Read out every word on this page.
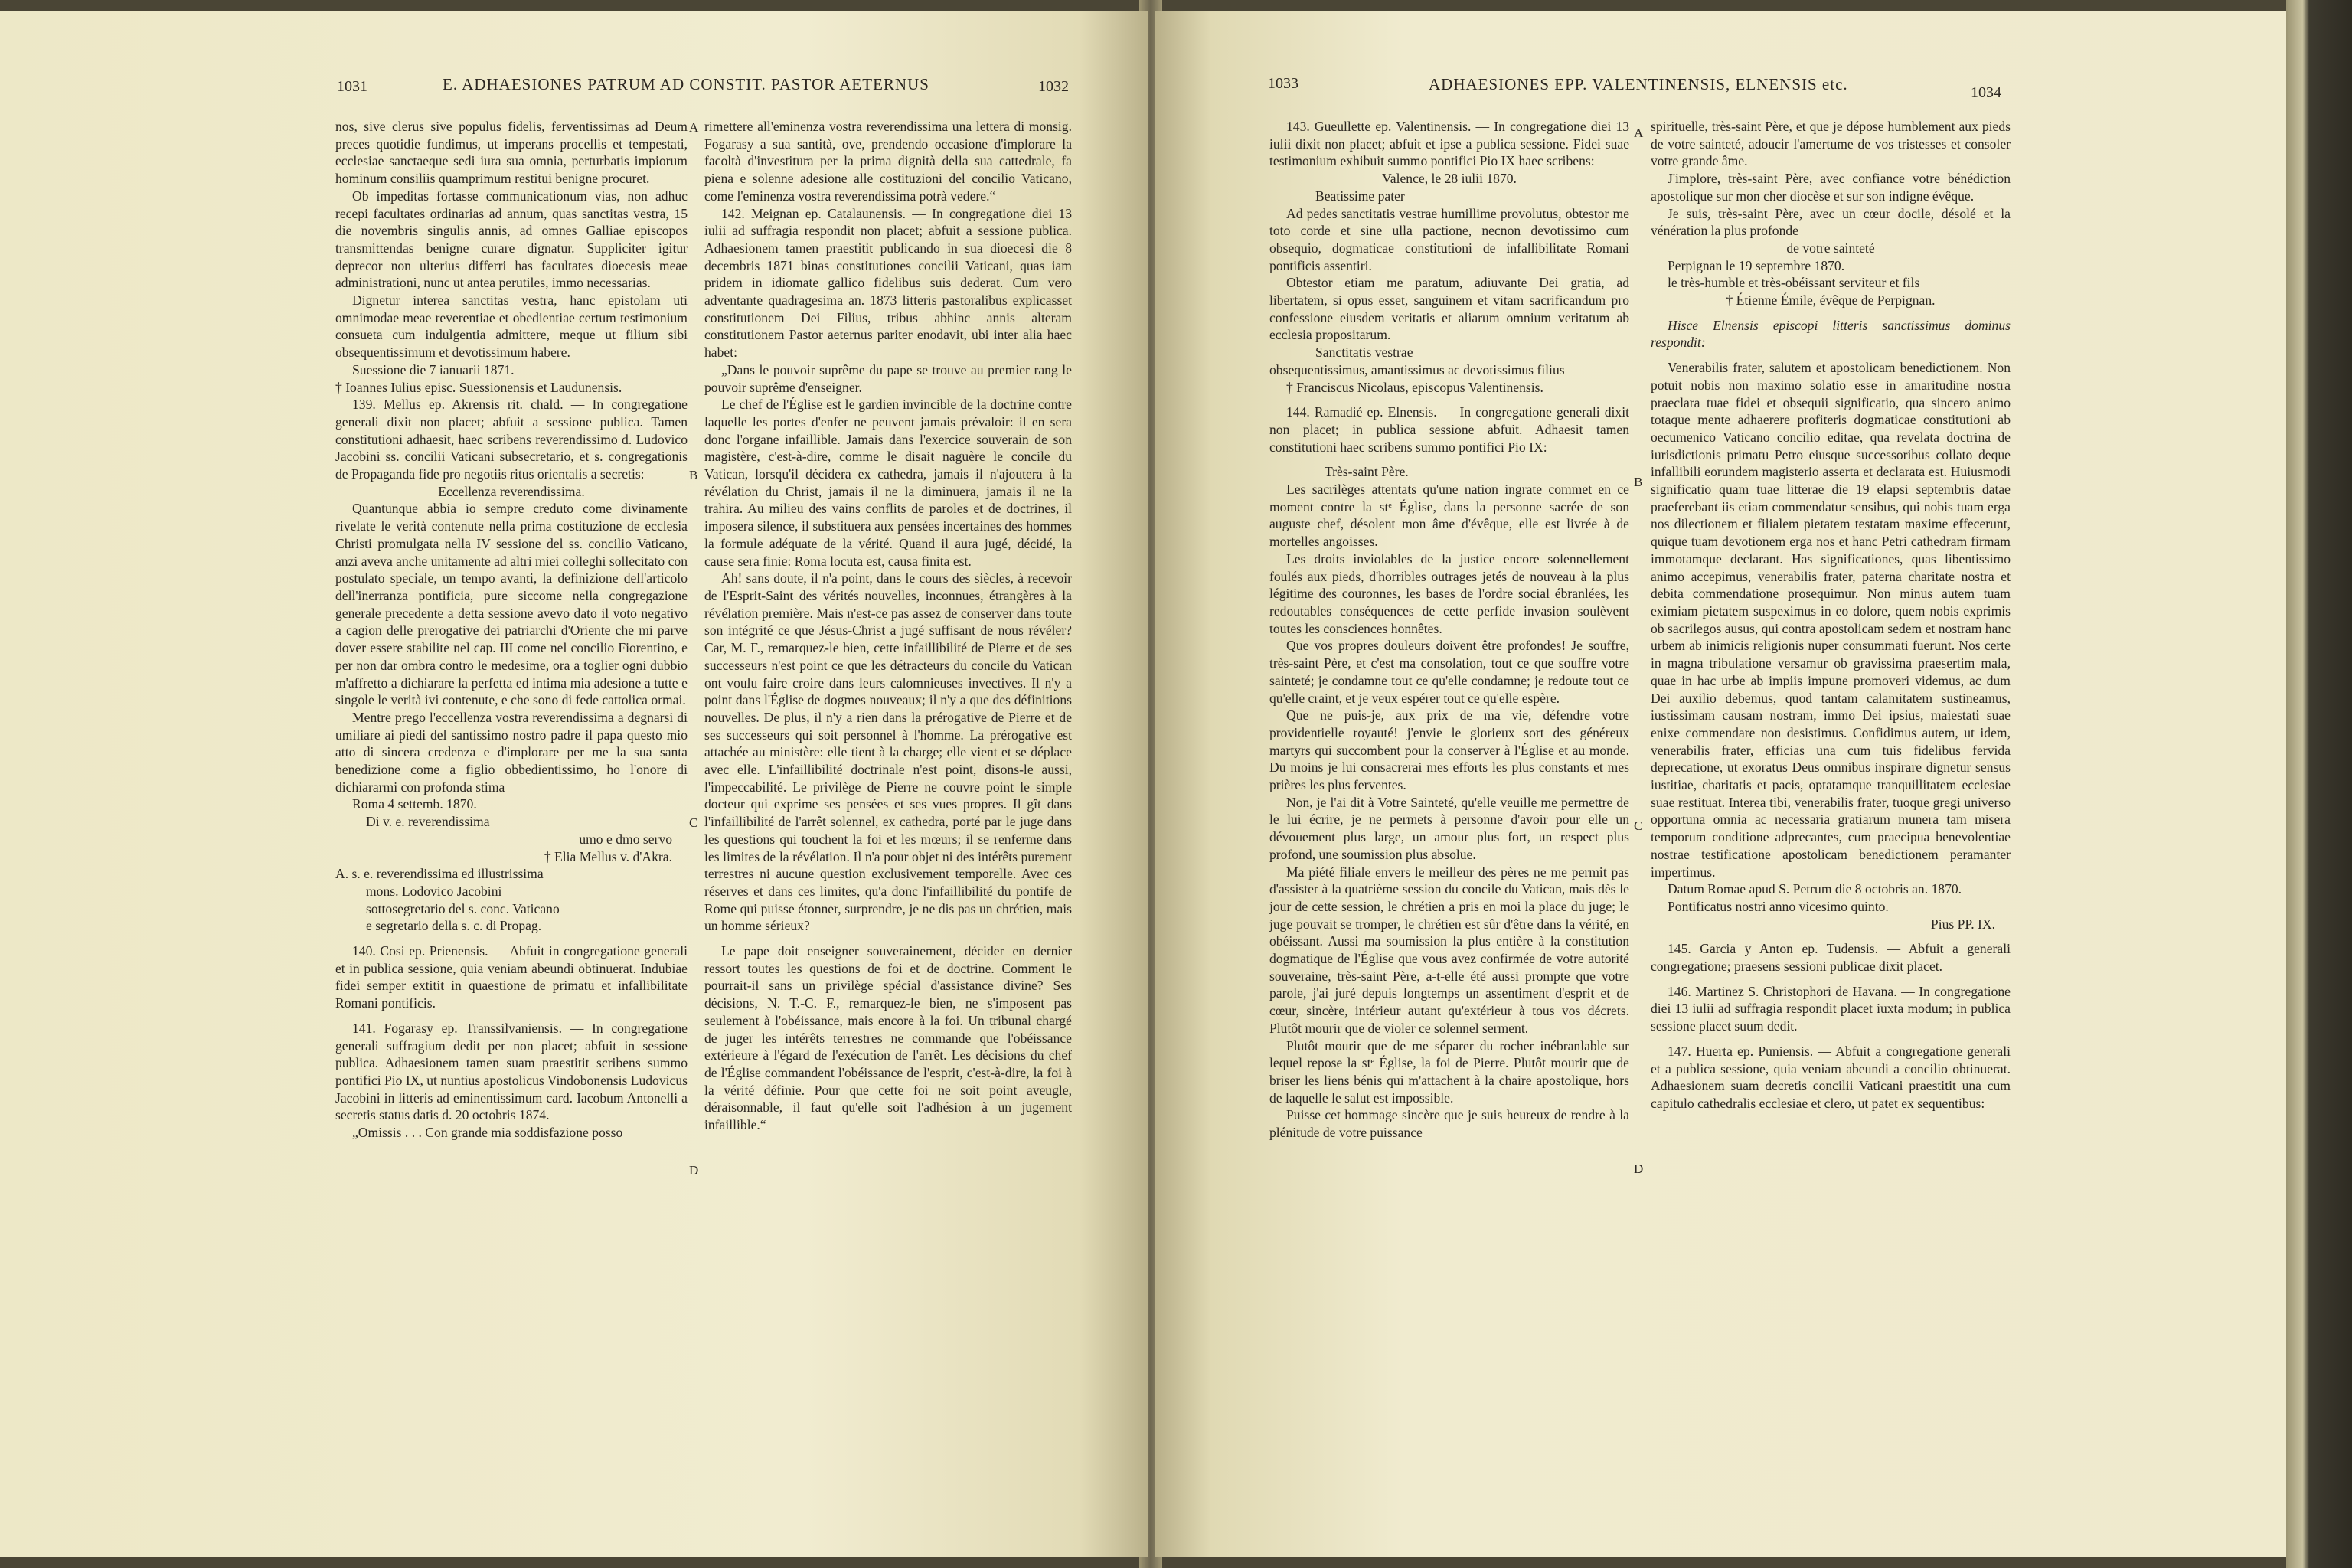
1031	E. ADHAESIONES PATRUM AD CONSTIT. PASTOR AETERNUS	1032

nos, sive clerus sive populus fidelis, ferventissimas ad Deum preces quotidie fundimus, ut imperans procellis et tempestati, ecclesiae sanctaeque sedi iura sua omnia, perturbatis impiorum hominum consiliis quamprimum restitui benigne procuret.

Ob impeditas fortasse communicationum vias, non adhuc recepi facultates ordinarias ad annum, quas sanctitas vestra, 15 die novembris singulis annis, ad omnes Galliae episcopos transmittendas benigne curare dignatur. Suppliciter igitur deprecor non ulterius differri has facultates dioecesis meae administrationi, nunc ut antea perutiles, immo necessarias.

Dignetur interea sanctitas vestra, hanc epistolam uti omnimodae meae reverentiae et obedientiae certum testimonium consueta cum indulgentia admittere, meque ut filium sibi obsequentissimum et devotissimum habere.

Suessione die 7 ianuarii 1871.

† Ioannes Iulius episc. Suessionensis et Laudunensis.

139. Mellus ep. Akrensis rit. chald. — In congregatione generali dixit non placet; abfuit a sessione publica. Tamen constitutioni adhaesit, haec scribens reverendissimo d. Ludovico Jacobini ss. concilii Vaticani subsecretario, et s. congregationis de Propaganda fide pro negotiis ritus orientalis a secretis:

Eccellenza reverendissima.

Quantunque abbia io sempre creduto come divinamente rivelate le verità contenute nella prima costituzione de ecclesia Christi promulgata nella IV sessione del ss. concilio Vaticano, anzi aveva anche unitamente ad altri miei colleghi sollecitato con postulato speciale, un tempo avanti, la definizione dell'articolo dell'inerranza pontificia, pure siccome nella congregazione generale precedente a detta sessione avevo dato il voto negativo a cagion delle prerogative dei patriarchi d'Oriente che mi parve dover essere stabilite nel cap. III come nel concilio Fiorentino, e per non dar ombra contro le medesime, ora a toglier ogni dubbio m'affretto a dichiarare la perfetta ed intima mia adesione a tutte e singole le verità ivi contenute, e che sono di fede cattolica ormai.

Mentre prego l'eccellenza vostra reverendissima a degnarsi di umiliare ai piedi del santissimo nostro padre il papa questo mio atto di sincera credenza e d'implorare per me la sua santa benedizione come a figlio obbedientissimo, ho l'onore di dichiararmi con profonda stima

Roma 4 settemb. 1870.

Di v. e. reverendissima

umo e dmo servo

† Elia Mellus v. d'Akra.

A. s. e. reverendissima ed illustrissima

mons. Lodovico Jacobini

sottosegretario del s. conc. Vaticano

e segretario della s. c. di Propag.

140. Cosi ep. Prienensis. — Abfuit in congregatione generali et in publica sessione, quia veniam abeundi obtinuerat. Indubiae fidei semper extitit in quaestione de primatu et infallibilitate Romani pontificis.

141. Fogarasy ep. Transsilvaniensis. — In congregatione generali suffragium dedit per non placet; abfuit in sessione publica. Adhaesionem tamen suam praestitit scribens summo pontifici Pio IX, ut nuntius apostolicus Vindobonensis Ludovicus Jacobini in litteris ad eminentissimum card. Iacobum Antonelli a secretis status datis d. 20 octobris 1874.

„Omissis . . . Con grande mia soddisfazione posso

A
B
C
D

rimettere all'eminenza vostra reverendissima una lettera di monsig. Fogarasy a sua santità, ove, prendendo occasione d'implorare la facoltà d'investitura per la prima dignità della sua cattedrale, fa piena e solenne adesione alle costituzioni del concilio Vaticano, come l'eminenza vostra reverendissima potrà vedere.“

142. Meignan ep. Catalaunensis. — In congregatione diei 13 iulii ad suffragia respondit non placet; abfuit a sessione publica. Adhaesionem tamen praestitit publicando in sua dioecesi die 8 decembris 1871 binas constitutiones concilii Vaticani, quas iam pridem in idiomate gallico fidelibus suis dederat. Cum vero adventante quadragesima an. 1873 litteris pastoralibus explicasset constitutionem Dei Filius, tribus abhinc annis alteram constitutionem Pastor aeternus pariter enodavit, ubi inter alia haec habet:

„Dans le pouvoir suprême du pape se trouve au premier rang le pouvoir suprême d'enseigner.

Le chef de l'Église est le gardien invincible de la doctrine contre laquelle les portes d'enfer ne peuvent jamais prévaloir: il en sera donc l'organe infaillible. Jamais dans l'exercice souverain de son magistère, c'est-à-dire, comme le disait naguère le concile du Vatican, lorsqu'il décidera ex cathedra, jamais il n'ajoutera à la révélation du Christ, jamais il ne la diminuera, jamais il ne la trahira. Au milieu des vains conflits de paroles et de doctrines, il imposera silence, il substituera aux pensées incertaines des hommes la formule adéquate de la vérité. Quand il aura jugé, décidé, la cause sera finie: Roma locuta est, causa finita est.

Ah! sans doute, il n'a point, dans le cours des siècles, à recevoir de l'Esprit-Saint des vérités nouvelles, inconnues, étrangères à la révélation première. Mais n'est-ce pas assez de conserver dans toute son intégrité ce que Jésus-Christ a jugé suffisant de nous révéler? Car, M. F., remarquez-le bien, cette infaillibilité de Pierre et de ses successeurs n'est point ce que les détracteurs du concile du Vatican ont voulu faire croire dans leurs calomnieuses invectives. Il n'y a point dans l'Église de dogmes nouveaux; il n'y a que des définitions nouvelles. De plus, il n'y a rien dans la prérogative de Pierre et de ses successeurs qui soit personnel à l'homme. La prérogative est attachée au ministère: elle tient à la charge; elle vient et se déplace avec elle. L'infaillibilité doctrinale n'est point, disons-le aussi, l'impeccabilité. Le privilège de Pierre ne couvre point le simple docteur qui exprime ses pensées et ses vues propres. Il gît dans l'infaillibilité de l'arrêt solennel, ex cathedra, porté par le juge dans les questions qui touchent la foi et les mœurs; il se renferme dans les limites de la révélation. Il n'a pour objet ni des intérêts purement terrestres ni aucune question exclusivement temporelle. Avec ces réserves et dans ces limites, qu'a donc l'infaillibilité du pontife de Rome qui puisse étonner, surprendre, je ne dis pas un chrétien, mais un homme sérieux?

Le pape doit enseigner souverainement, décider en dernier ressort toutes les questions de foi et de doctrine. Comment le pourrait-il sans un privilège spécial d'assistance divine? Ses décisions, N. T.-C. F., remarquez-le bien, ne s'imposent pas seulement à l'obéissance, mais encore à la foi. Un tribunal chargé de juger les intérêts terrestres ne commande que l'obéissance extérieure à l'égard de l'exécution de l'arrêt. Les décisions du chef de l'Église commandent l'obéissance de l'esprit, c'est-à-dire, la foi à la vérité définie. Pour que cette foi ne soit point aveugle, déraisonnable, il faut qu'elle soit l'adhésion à un jugement infaillible.“

1033	ADHAESIONES EPP. VALENTINENSIS, ELNENSIS etc.	1034

143. Gueullette ep. Valentinensis. — In congregatione diei 13 iulii dixit non placet; abfuit et ipse a publica sessione. Fidei suae testimonium exhibuit summo pontifici Pio IX haec scribens:

Valence, le 28 iulii 1870.

Beatissime pater

Ad pedes sanctitatis vestrae humillime provolutus, obtestor me toto corde et sine ulla pactione, necnon devotissimo cum obsequio, dogmaticae constitutioni de infallibilitate Romani pontificis assentiri.

Obtestor etiam me paratum, adiuvante Dei gratia, ad libertatem, si opus esset, sanguinem et vitam sacrificandum pro confessione eiusdem veritatis et aliarum omnium veritatum ab ecclesia propositarum.

Sanctitatis vestrae

obsequentissimus, amantissimus ac devotissimus filius

† Franciscus Nicolaus, episcopus Valentinensis.

144. Ramadié ep. Elnensis. — In congregatione generali dixit non placet; in publica sessione abfuit. Adhaesit tamen constitutioni haec scribens summo pontifici Pio IX:

Très-saint Père.

Les sacrilèges attentats qu'une nation ingrate commet en ce moment contre la stᵉ Église, dans la personne sacrée de son auguste chef, désolent mon âme d'évêque, elle est livrée à de mortelles angoisses.

Les droits inviolables de la justice encore solennellement foulés aux pieds, d'horribles outrages jetés de nouveau à la plus légitime des couronnes, les bases de l'ordre social ébranlées, les redoutables conséquences de cette perfide invasion soulèvent toutes les consciences honnêtes.

Que vos propres douleurs doivent être profondes! Je souffre, très-saint Père, et c'est ma consolation, tout ce que souffre votre sainteté; je condamne tout ce qu'elle condamne; je redoute tout ce qu'elle craint, et je veux espérer tout ce qu'elle espère.

Que ne puis-je, aux prix de ma vie, défendre votre providentielle royauté! j'envie le glorieux sort des généreux martyrs qui succombent pour la conserver à l'Église et au monde. Du moins je lui consacrerai mes efforts les plus constants et mes prières les plus ferventes.

Non, je l'ai dit à Votre Sainteté, qu'elle veuille me permettre de le lui écrire, je ne permets à personne d'avoir pour elle un dévouement plus large, un amour plus fort, un respect plus profond, une soumission plus absolue.

Ma piété filiale envers le meilleur des pères ne me permit pas d'assister à la quatrième session du concile du Vatican, mais dès le jour de cette session, le chrétien a pris en moi la place du juge; le juge pouvait se tromper, le chrétien est sûr d'être dans la vérité, en obéissant. Aussi ma soumission la plus entière à la constitution dogmatique de l'Église que vous avez confirmée de votre autorité souveraine, très-saint Père, a-t-elle été aussi prompte que votre parole, j'ai juré depuis longtemps un assentiment d'esprit et de cœur, sincère, intérieur autant qu'extérieur à tous vos décrets. Plutôt mourir que de violer ce solennel serment.

Plutôt mourir que de me séparer du rocher inébranlable sur lequel repose la stᵉ Église, la foi de Pierre. Plutôt mourir que de briser les liens bénis qui m'attachent à la chaire apostolique, hors de laquelle le salut est impossible.

Puisse cet hommage sincère que je suis heureux de rendre à la plénitude de votre puissance

A
B
C
D

spirituelle, très-saint Père, et que je dépose humblement aux pieds de votre sainteté, adoucir l'amertume de vos tristesses et consoler votre grande âme.

J'implore, très-saint Père, avec confiance votre bénédiction apostolique sur mon cher diocèse et sur son indigne évêque.

Je suis, très-saint Père, avec un cœur docile, désolé et la vénération la plus profonde

de votre sainteté

Perpignan le 19 septembre 1870.

le très-humble et très-obéissant serviteur et fils

† Étienne Émile, évêque de Perpignan.

Hisce Elnensis episcopi litteris sanctissimus dominus respondit:

Venerabilis frater, salutem et apostolicam benedictionem. Non potuit nobis non maximo solatio esse in amaritudine nostra praeclara tuae fidei et obsequii significatio, qua sincero animo totaque mente adhaerere profiteris dogmaticae constitutioni ab oecumenico Vaticano concilio editae, qua revelata doctrina de iurisdictionis primatu Petro eiusque successoribus collato deque infallibili eorundem magisterio asserta et declarata est. Huiusmodi significatio quam tuae litterae die 19 elapsi septembris datae praeferebant iis etiam commendatur sensibus, qui nobis tuam erga nos dilectionem et filialem pietatem testatam maxime effecerunt, quique tuam devotionem erga nos et hanc Petri cathedram firmam immotamque declarant. Has significationes, quas libentissimo animo accepimus, venerabilis frater, paterna charitate nostra et debita commendatione prosequimur. Non minus autem tuam eximiam pietatem suspeximus in eo dolore, quem nobis exprimis ob sacrilegos ausus, qui contra apostolicam sedem et nostram hanc urbem ab inimicis religionis nuper consummati fuerunt. Nos certe in magna tribulatione versamur ob gravissima praesertim mala, quae in hac urbe ab impiis impune promoveri videmus, ac dum Dei auxilio debemus, quod tantam calamitatem sustineamus, iustissimam causam nostram, immo Dei ipsius, maiestati suae enixe commendare non desistimus. Confidimus autem, ut idem, venerabilis frater, efficias una cum tuis fidelibus fervida deprecatione, ut exoratus Deus omnibus inspirare dignetur sensus iustitiae, charitatis et pacis, optatamque tranquillitatem ecclesiae suae restituat. Interea tibi, venerabilis frater, tuoque gregi universo opportuna omnia ac necessaria gratiarum munera tam misera temporum conditione adprecantes, cum praecipua benevolentiae nostrae testificatione apostolicam benedictionem peramanter impertimus.

Datum Romae apud S. Petrum die 8 octobris an. 1870.

Pontificatus nostri anno vicesimo quinto.

Pius PP. IX.

145. Garcia y Anton ep. Tudensis. — Abfuit a generali congregatione; praesens sessioni publicae dixit placet.

146. Martinez S. Christophori de Havana. — In congregatione diei 13 iulii ad suffragia respondit placet iuxta modum; in publica sessione placet suum dedit.

147. Huerta ep. Puniensis. — Abfuit a congregatione generali et a publica sessione, quia veniam abeundi a concilio obtinuerat. Adhaesionem suam decretis concilii Vaticani praestitit una cum capitulo cathedralis ecclesiae et clero, ut patet ex sequentibus:
